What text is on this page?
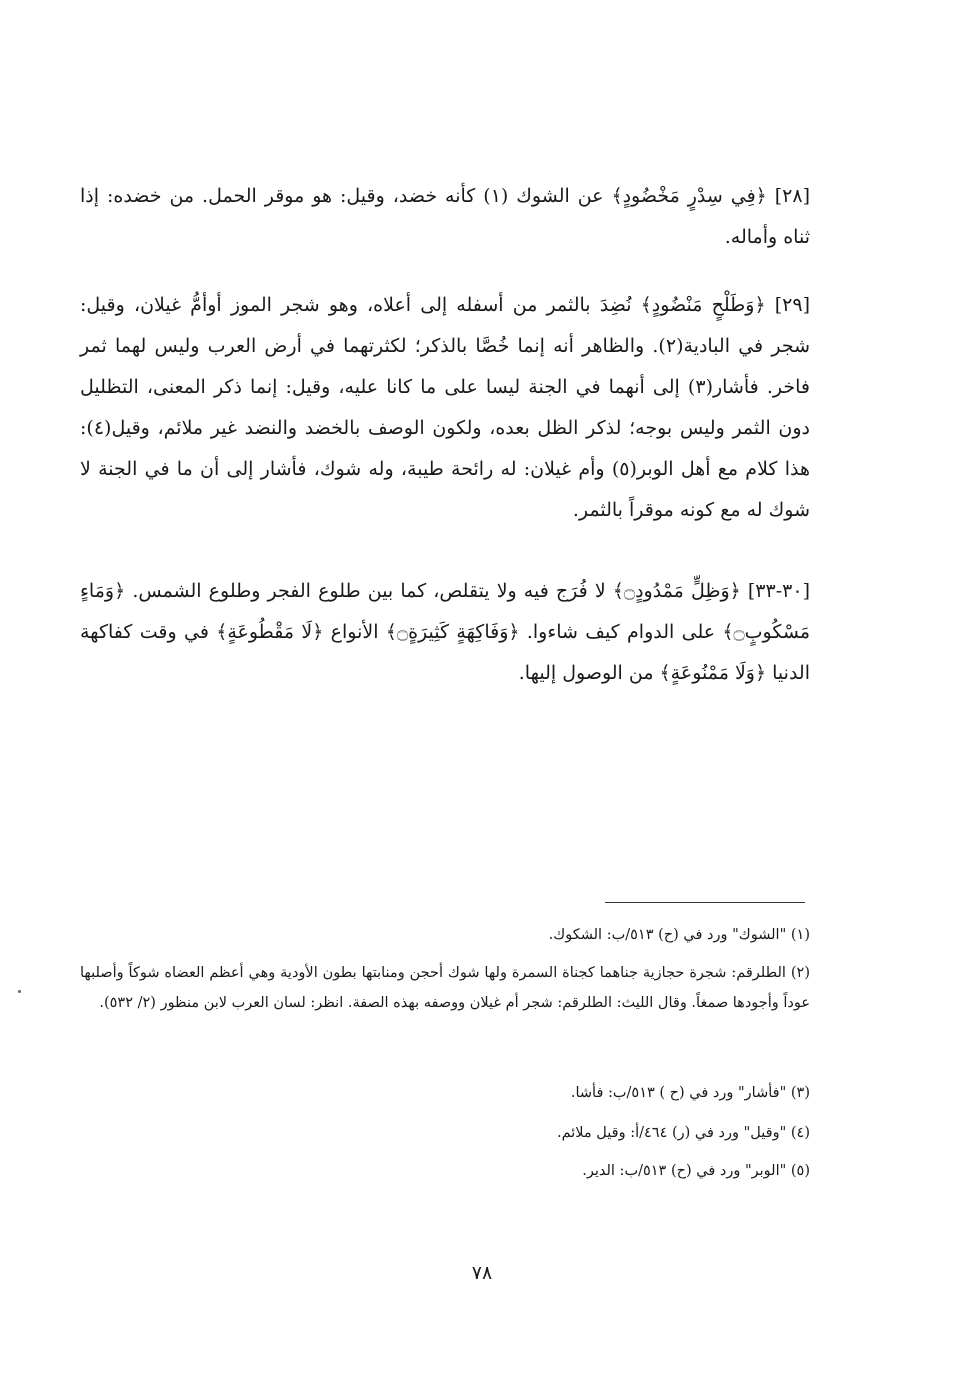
[٢٨] ﴿فِي سِدْرٍ مَخْضُودٍ﴾ عن الشوك (١) كأنه خضد، وقيل: هو موقر الحمل. من خضده: إذا ثناه وأماله.

[٢٩] ﴿وَطَلْحٍ مَنْضُودٍ﴾ نُضِدَ بالثمر من أسفله إلى أعلاه، وهو شجر الموز أوأمُّ غيلان، وقيل: شجر في البادية(٢). والظاهر أنه إنما خُصَّا بالذكر؛ لكثرتهما في أرض العرب وليس لهما ثمر فاخر. فأشار(٣) إلى أنهما في الجنة ليسا على ما كانا عليه، وقيل: إنما ذكر المعنى، التظليل دون الثمر وليس بوجه؛ لذكر الظل بعده، ولكون الوصف بالخضد والنضد غير ملائم، وقيل(٤): هذا كلام مع أهل الوبر(٥) وأم غيلان: له رائحة طيبة، وله شوك، فأشار إلى أن ما في الجنة لا شوك له مع كونه موقراً بالثمر.

[٣٠-٣٣] ﴿وَظِلٍّ مَمْدُودٍ۝﴾ لا فُرَج فيه ولا يتقلص، كما بين طلوع الفجر وطلوع الشمس. ﴿وَمَاءٍ مَسْكُوبٍ۝﴾ على الدوام كيف شاءوا. ﴿وَفَاكِهَةٍ كَثِيرَةٍ۝﴾ الأنواع ﴿لَا مَقْطُوعَةٍ﴾ في وقت كفاكهة الدنيا ﴿وَلَا مَمْنُوعَةٍ﴾ من الوصول إليها.

(١) "الشوك" ورد في (ح) ٥١٣/ب: الشكوك.

(٢) الطلرقم: شجرة حجازية جناهما كجناة السمرة ولها شوك أحجن ومنابتها بطون الأودية وهي أعظم العضاه شوكاً وأصلبها عوداً وأجودها صمغاً. وقال الليث: الطلرقم: شجر أم غيلان ووصفه بهذه الصفة. انظر: لسان العرب لابن منظور (٢/ ٥٣٢).

(٣) "فأشار" ورد في (ح ) ٥١٣/ب: فأشا.

(٤) "وقيل" ورد في (ر) ٤٦٤/أ: وقيل ملائم.

(٥) "الوبر" ورد في (ح) ٥١٣/ب: الدير.

٧٨
